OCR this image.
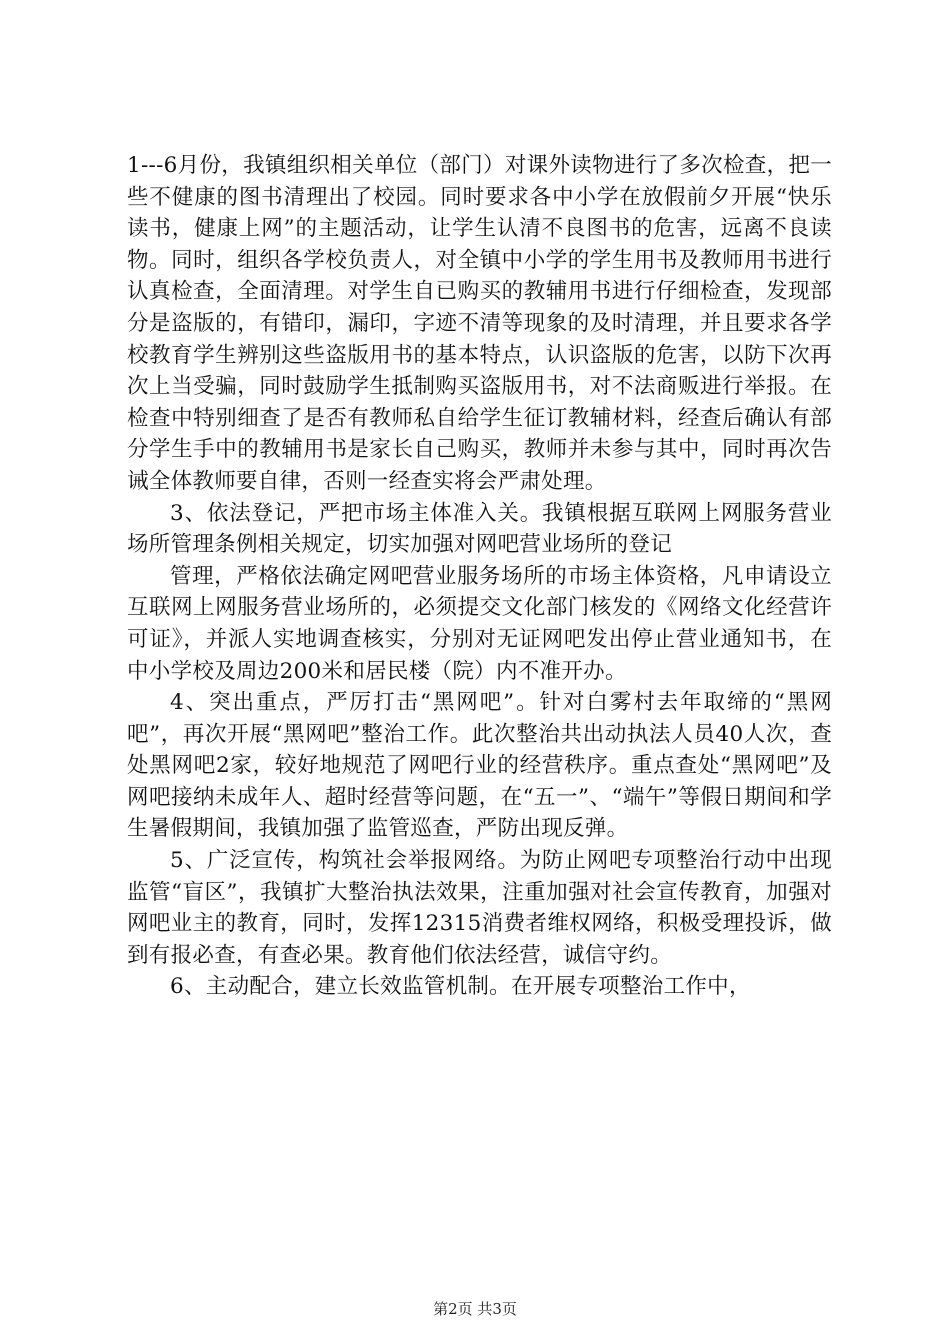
1---6月份，我镇组织相关单位（部门）对课外读物进行了多次检查，把一些不健康的图书清理出了校园。同时要求各中小学在放假前夕开展“快乐读书，健康上网”的主题活动，让学生认清不良图书的危害，远离不良读物。同时，组织各学校负责人，对全镇中小学的学生用书及教师用书进行认真检查，全面清理。对学生自已购买的教辅用书进行仔细检查，发现部分是盗版的，有错印，漏印，字迹不清等现象的及时清理，并且要求各学校教育学生辨别这些盗版用书的基本特点，认识盗版的危害，以防下次再次上当受骗，同时鼓励学生抵制购买盗版用书，对不法商贩进行举报。在检查中特别细查了是否有教师私自给学生征订教辅材料，经查后确认有部分学生手中的教辅用书是家长自己购买，教师并未参与其中，同时再次告诫全体教师要自律，否则一经查实将会严肃处理。

3、依法登记，严把市场主体准入关。我镇根据互联网上网服务营业场所管理条例相关规定，切实加强对网吧营业场所的登记

管理，严格依法确定网吧营业服务场所的市场主体资格，凡申请设立互联网上网服务营业场所的，必须提交文化部门核发的《网络文化经营许可证》，并派人实地调查核实，分别对无证网吧发出停止营业通知书，在中小学校及周边200米和居民楼（院）内不准开办。

4、突出重点，严厉打击“黑网吧”。针对白雾村去年取缔的“黑网吧”，再次开展“黑网吧”整治工作。此次整治共出动执法人员40人次，查处黑网吧2家，较好地规范了网吧行业的经营秩序。重点查处“黑网吧”及网吧接纳未成年人、超时经营等问题，在“五一”、“端午”等假日期间和学生暑假期间，我镇加强了监管巡查，严防出现反弹。

5、广泛宣传，构筑社会举报网络。为防止网吧专项整治行动中出现监管“盲区”，我镇扩大整治执法效果，注重加强对社会宣传教育，加强对网吧业主的教育，同时，发挥12315消费者维权网络，积极受理投诉，做到有报必查，有查必果。教育他们依法经营，诚信守约。

6、主动配合，建立长效监管机制。在开展专项整治工作中，

第2页 共3页
